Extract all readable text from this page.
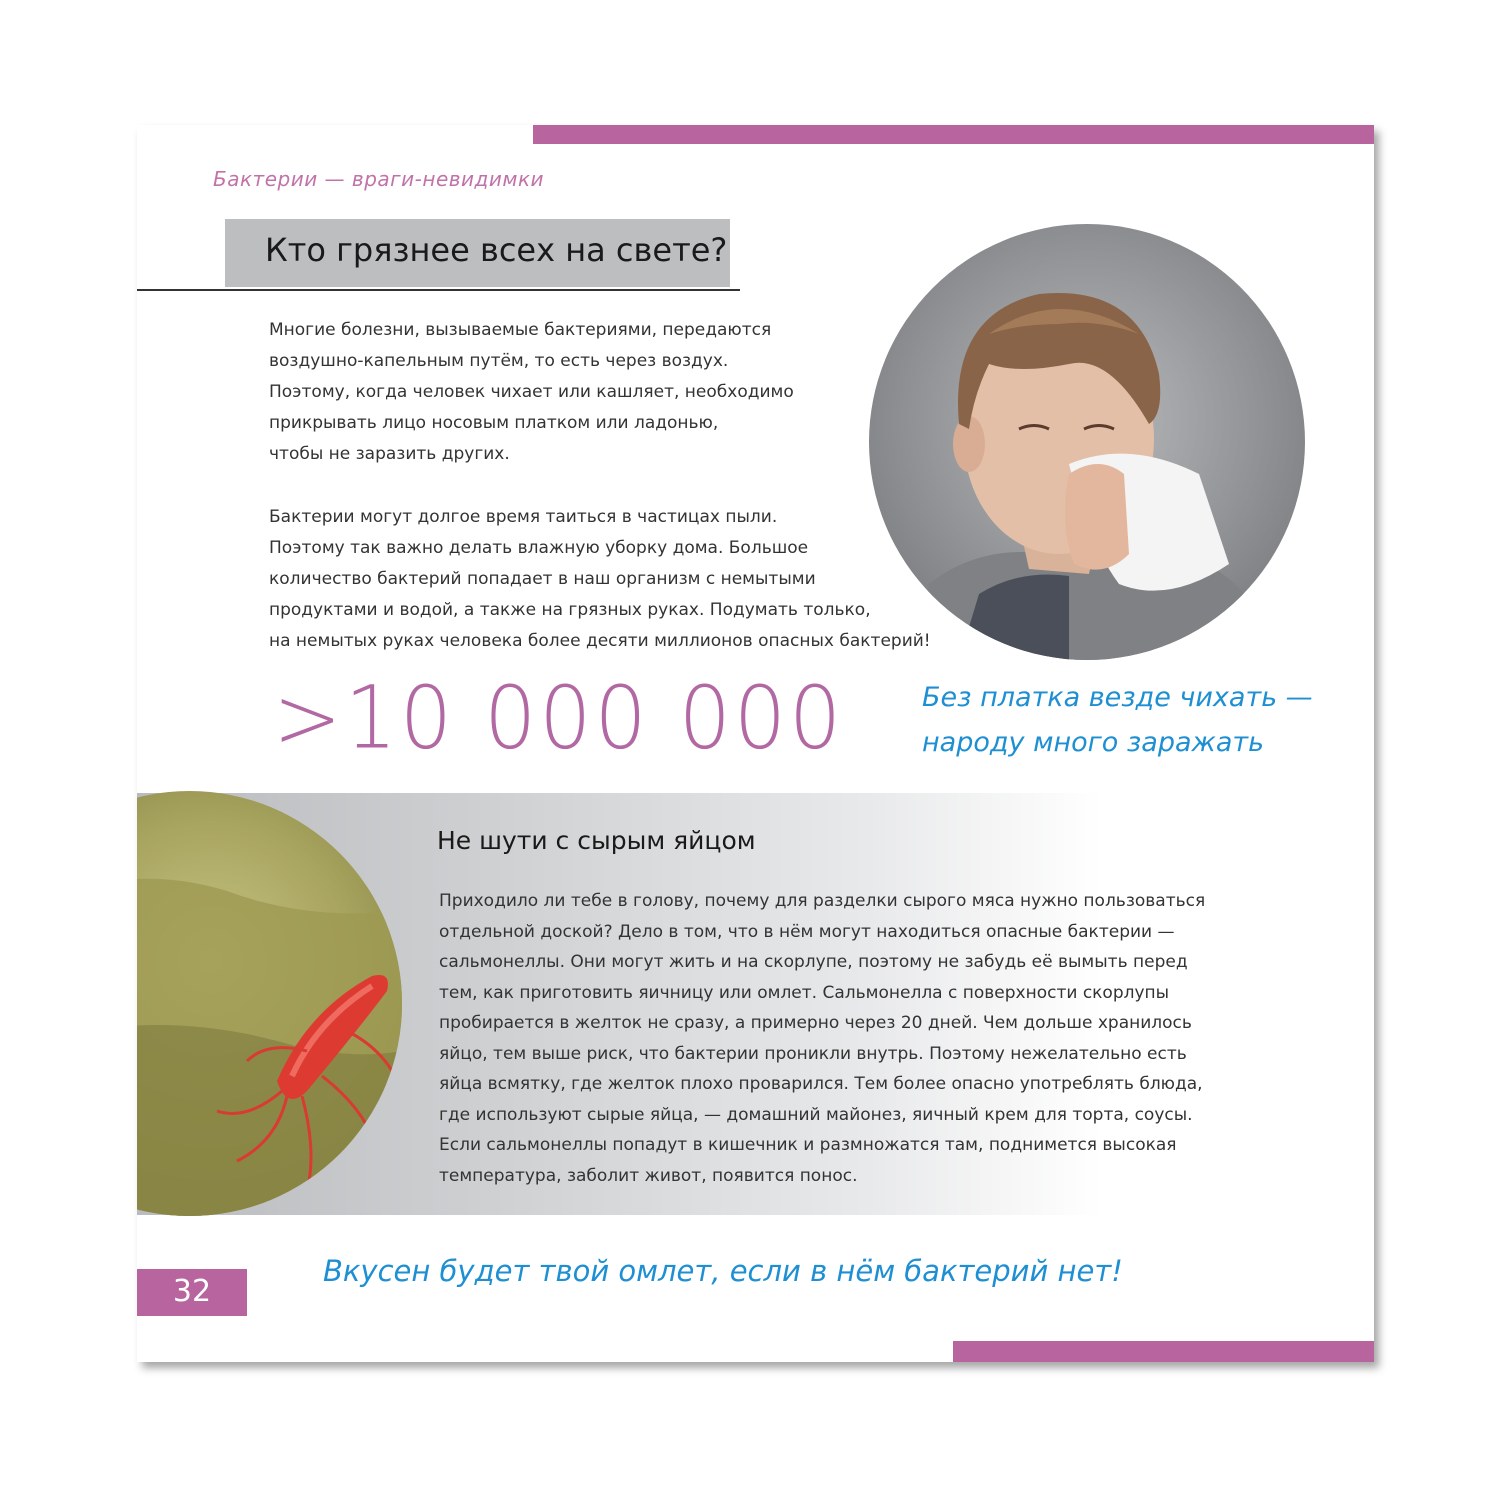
Бактерии — враги-невидимки

Кто грязнее всех на свете?
Многие болезни, вызываемые бактериями, передаются
воздушно-капельным путём, то есть через воздух.
Поэтому, когда человек чихает или кашляет, необходимо
прикрывать лицо носовым платком или ладонью,
чтобы не заразить других.
Бактерии могут долгое время таиться в частицах пыли.
Поэтому так важно делать влажную уборку дома. Большое
количество бактерий попадает в наш организм с немытыми
продуктами и водой, а также на грязных руках. Подумать только,
на немытых руках человека более десяти миллионов опасных бактерий!
>10 000 000	Без платка везде чихать —
народу много заражать
Не шути с сырым яйцом
Приходило ли тебе в голову, почему для разделки сырого мяса нужно пользоваться
отдельной доской? Дело в том, что в нём могут находиться опасные бактерии —
сальмонеллы. Они могут жить и на скорлупе, поэтому не забудь её вымыть перед
тем, как приготовить яичницу или омлет. Сальмонелла с поверхности скорлупы
пробирается в желток не сразу, а примерно через 20 дней. Чем дольше хранилось
яйцо, тем выше риск, что бактерии проникли внутрь. Поэтому нежелательно есть
яйца всмятку, где желток плохо проварился. Тем более опасно употреблять блюда,
где используют сырые яйца, — домашний майонез, яичный крем для торта, соусы.
Если сальмонеллы попадут в кишечник и размножатся там, поднимется высокая
температура, заболит живот, появится понос.
32
Вкусен будет твой омлет, если в нём бактерий нет!
